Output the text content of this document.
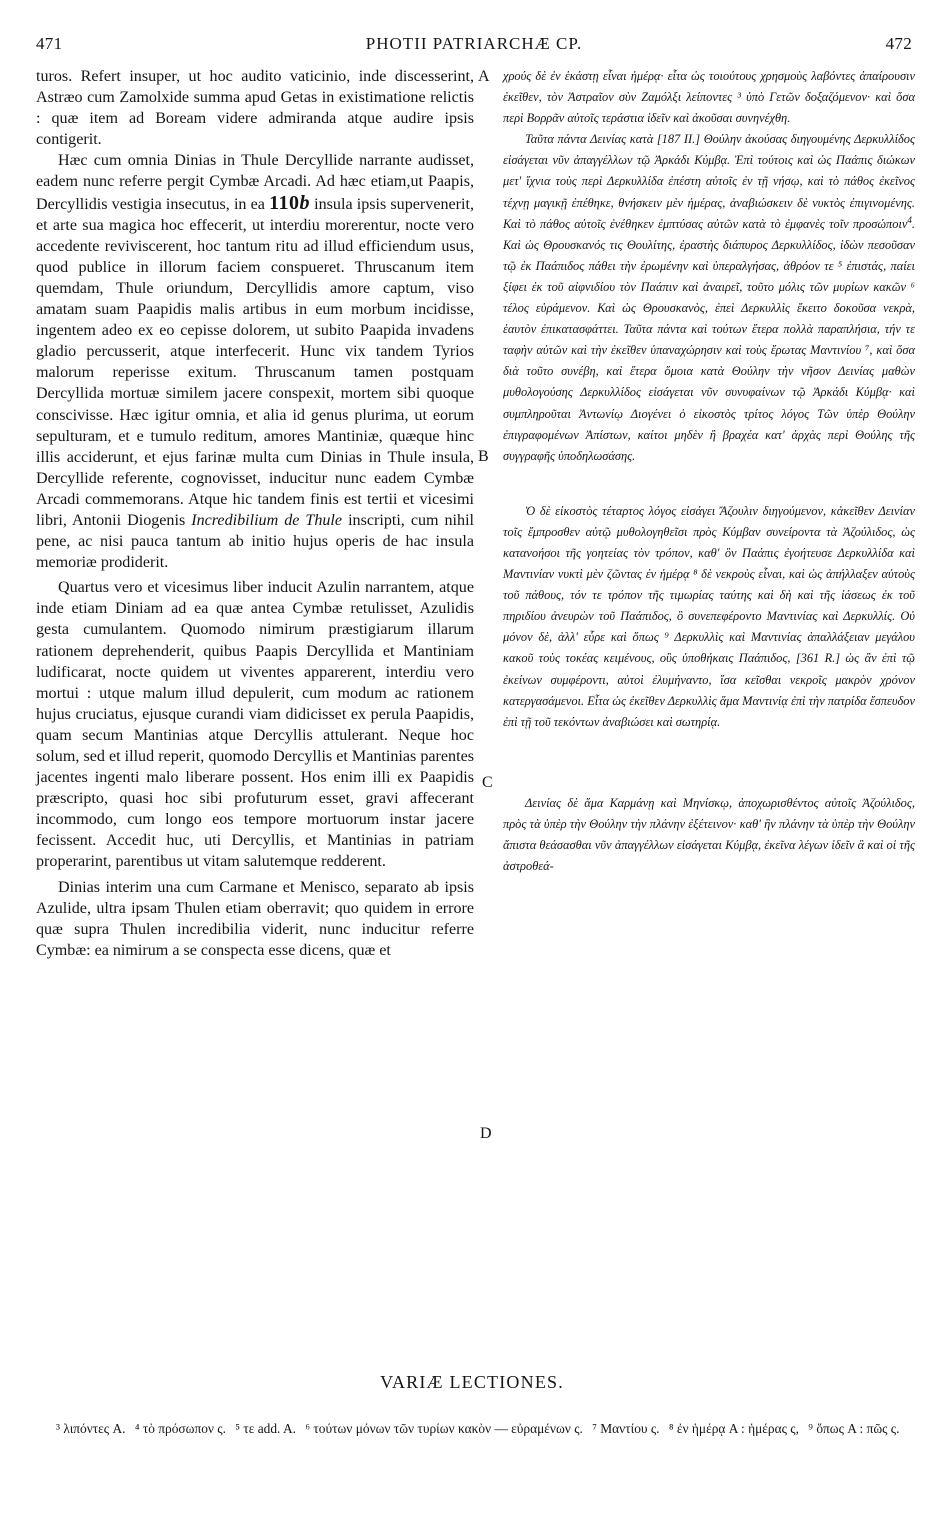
471	PHOTII PATRIARCHÆ CP.	472
A
B
C
D

turos. Refert insuper, ut hoc audito vaticinio, inde discesserint, Astræo cum Zamolxide summa apud Getas in existimatione relictis : quæ item ad Boream videre admiranda atque audire ipsis contigerit.

Hæc cum omnia Dinias in Thule Dercyllide narrante audisset, eadem nunc referre pergit Cymbæ Arcadi. Ad hæc etiam,ut Paapis, Dercyllidis vestigia insecutus, in ea 110b insula ipsis supervenerit, et arte sua magica hoc effecerit, ut interdiu morerentur, nocte vero accedente reviviscerent, hoc tantum ritu ad illud efficiendum usus, quod publice in illorum faciem conspueret. Thruscanum item quemdam, Thule oriundum, Dercyllidis amore captum, viso amatam suam Paapidis malis artibus in eum morbum incidisse, ingentem adeo ex eo cepisse dolorem, ut subito Paapida invadens gladio percusserit, atque interfecerit. Hunc vix tandem Tyrios malorum reperisse exitum. Thruscanum tamen postquam Dercyllida mortuæ similem jacere conspexit, mortem sibi quoque conscivisse. Hæc igitur omnia, et alia id genus plurima, ut eorum sepulturam, et e tumulo reditum, amores Mantiniæ, quæque hinc illis acciderunt, et ejus farinæ multa cum Dinias in Thule insula, Dercyllide referente, cognovisset, inducitur nunc eadem Cymbæ Arcadi commemorans. Atque hic tandem finis est tertii et vicesimi libri, Antonii Diogenis Incredibilium de Thule inscripti, cum nihil pene, ac nisi pauca tantum ab initio hujus operis de hac insula memoriæ prodiderit.

Quartus vero et vicesimus liber inducit Azulin narrantem, atque inde etiam Diniam ad ea quæ antea Cymbæ retulisset, Azulidis gesta cumulantem. Quomodo nimirum præstigiarum illarum rationem deprehenderit, quibus Paapis Dercyllida et Mantiniam ludificarat, nocte quidem ut viventes apparerent, interdiu vero mortui : utque malum illud depulerit, cum modum ac rationem hujus cruciatus, ejusque curandi viam didicisset ex perula Paapidis, quam secum Mantinias atque Dercyllis attulerant. Neque hoc solum, sed et illud reperit, quomodo Dercyllis et Mantinias parentes jacentes ingenti malo liberare possent. Hos enim illi ex Paapidis præscripto, quasi hoc sibi profuturum esset, gravi affecerant incommodo, cum longo eos tempore mortuorum instar jacere fecissent. Accedit huc, uti Dercyllis, et Mantinias in patriam properarint, parentibus ut vitam salutemque redderent.

Dinias interim una cum Carmane et Menisco, separato ab ipsis Azulide, ultra ipsam Thulen etiam oberravit; quo quidem in errore quæ supra Thulen incredibilia viderit, nunc inducitur referre Cymbæ: ea nimirum a se conspecta esse dicens, quæ et

χρούς δὲ ἐν ἑκάστῃ εἶναι ἡμέρᾳ· εἶτα ὡς τοιούτους χρησμοὺς λαβόντες ἀπαίρουσιν ἐκεῖθεν, τὸν Ἀστραῖον σὺν Ζαμόλξι λείποντες ³ ὑπὸ Γετῶν δοξαζόμενον· καὶ ὅσα περὶ Βορρᾶν αὐτοῖς τεράστια ἰδεῖν καὶ ἀκοῦσαι συνηνέχθη.

Ταῦτα πάντα Δεινίας κατὰ [187 II.] Θούλην ἀκούσας διηγουμένης Δερκυλλίδος εἰσάγεται νῦν ἀπαγγέλλων τῷ Ἀρκάδι Κύμβᾳ. Ἐπὶ τούτοις καὶ ὡς Παάπις διώκων μετ' ἴχνια τοὺς περὶ Δερκυλλίδα ἐπέστη αὐτοῖς ἐν τῇ νήσῳ, καὶ τὸ πάθος ἐκεῖνος τέχνῃ μαγικῇ ἐπέθηκε, θνήσκειν μὲν ἡμέρας, ἀναβιώσκειν δὲ νυκτὸς ἐπιγινομένης. Καὶ τὸ πάθος αὐτοῖς ἐνέθηκεν ἐμπτύσας αὐτῶν κατὰ τὸ ἐμφανὲς τοῖν προσώποιν$^4$. Καὶ ὡς Θρουσκανός τις Θουλίτης, ἐραστὴς διάπυρος Δερκυλλίδος, ἰδὼν πεσοῦσαν τῷ ἐκ Παάπιδος πάθει τὴν ἐρωμένην καὶ ὑπεραλγήσας, ἀθρόον τε ⁵ ἐπιστάς, παίει ξίφει ἐκ τοῦ αἰφνιδίου τὸν Παάπιν καὶ ἀναιρεῖ, τοῦτο μόλις τῶν μυρίων κακῶν ⁶ τέλος εὑράμενον. Καὶ ὡς Θρουσκανὸς, ἐπεὶ Δερκυλλὶς ἔκειτο δοκοῦσα νεκρὰ, ἑαυτὸν ἐπικατασφάττει. Ταῦτα πάντα καὶ τούτων ἕτερα πολλὰ παραπλήσια, τήν τε ταφὴν αὐτῶν καὶ τὴν ἐκεῖθεν ὑπαναχώρησιν καὶ τοὺς ἔρωτας Μαντινίου ⁷, καὶ ὅσα διὰ τοῦτο συνέβη, καὶ ἕτερα ὅμοια κατὰ Θούλην τὴν νῆσον Δεινίας μαθὼν μυθολογούσης Δερκυλλίδος εἰσάγεται νῦν συνυφαίνων τῷ Ἀρκάδι Κύμβᾳ· καὶ συμπληροῦται Ἀντωνίῳ Διογένει ὁ εἰκοστὸς τρίτος λόγος Τῶν ὑπὲρ Θούλην ἐπιγραφομένων Ἀπίστων, καίτοι μηδὲν ἢ βραχέα κατ' ἀρχὰς περὶ Θούλης τῆς συγγραφῆς ὑποδηλωσάσης.

Ὁ δὲ εἰκοστὸς τέταρτος λόγος εἰσάγει Ἄζουλιν διηγούμενον, κἀκεῖθεν Δεινίαν τοῖς ἔμπροσθεν αὐτῷ μυθολογηθεῖσι πρὸς Κύμβαν συνείροντα τὰ Ἀζούλιδος, ὡς κατανοήσοι τῆς γοητείας τὸν τρόπον, καθ' ὃν Παάπις ἐγοήτευσε Δερκυλλίδα καὶ Μαντινίαν νυκτὶ μὲν ζῶντας ἐν ἡμέρᾳ ⁸ δὲ νεκροὺς εἶναι, καὶ ὡς ἀπήλλαξεν αὐτοὺς τοῦ πάθους, τόν τε τρόπον τῆς τιμωρίας ταύτης καὶ δὴ καὶ τῆς ἰάσεως ἐκ τοῦ πηριδίου ἀνευρὼν τοῦ Παάπιδος, ὃ συνεπεφέροντο Μαντινίας καὶ Δερκυλλίς. Οὐ μόνον δὲ, ἀλλ' εὗρε καὶ ὅπως ⁹ Δερκυλλὶς καὶ Μαντινίας ἀπαλλάξειαν μεγάλου κακοῦ τοὺς τοκέας κειμένους, οὓς ὑποθήκαις Παάπιδος, [361 R.] ὡς ἂν ἐπὶ τῷ ἐκείνων συμφέροντι, αὐτοὶ ἐλυμήναντο, ἴσα κεῖσθαι νεκροῖς μακρὸν χρόνον κατεργασάμενοι. Εἶτα ὡς ἐκεῖθεν Δερκυλλὶς ἅμα Μαντινίᾳ ἐπὶ τὴν πατρίδα ἔσπευδον ἐπὶ τῇ τοῦ τεκόντων ἀναβιώσει καὶ σωτηρίᾳ.

Δεινίας δὲ ἅμα Καρμάνῃ καὶ Μηνίσκῳ, ἀποχωρισθέντος αὐτοῖς Ἀζούλιδος, πρὸς τὰ ὑπὲρ τὴν Θούλην τὴν πλάνην ἐξέτεινον· καθ' ἣν πλάνην τὰ ὑπὲρ τὴν Θούλην ἄπιστα θεάσασθαι νῦν ἀπαγγέλλων εἰσάγεται Κύμβᾳ, ἐκεῖνα λέγων ἰδεῖν ἃ καὶ οἱ τῆς ἀστροθεά-

VARIÆ LECTIONES.
³ λιπόντες A. ⁴ τὸ πρόσωπον ς. ⁵ τε add. A. ⁶ τούτων μόνων τῶν τυρίων κακὸν — εὐραμένων ς. ⁷ Μαντίου ς. ⁸ ἐν ἡμέρᾳ A : ἡμέρας ς, ⁹ ὅπως A : πῶς ς.
